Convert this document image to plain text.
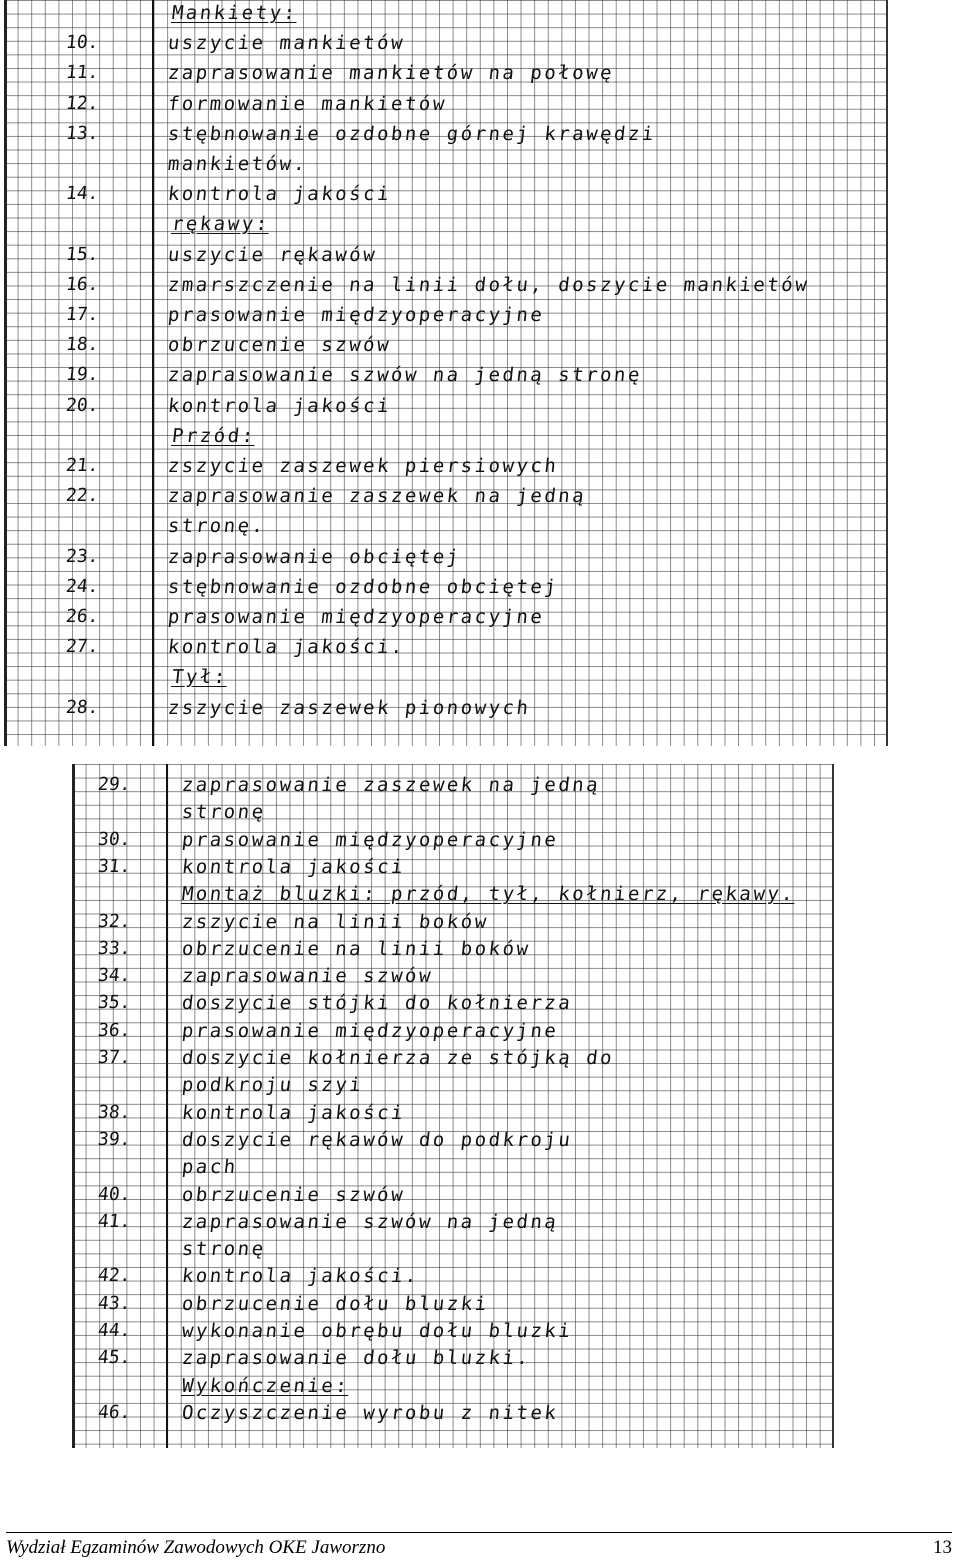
Mankiety:
10.	uszycie mankietów
11.	zaprasowanie mankietów na połowę
12.	formowanie mankietów
13.	stębnowanie ozdobne górnej krawędzi
mankietów.
14.	kontrola jakości
rękawy:
15.	uszycie rękawów
16.	zmarszczenie na linii dołu, doszycie mankietów
17.	prasowanie międzyoperacyjne
18.	obrzucenie szwów
19.	zaprasowanie szwów na jedną stronę
20.	kontrola jakości
Przód:
21.	zszycie zaszewek piersiowych
22.	zaprasowanie zaszewek na jedną
stronę.
23.	zaprasowanie obciętej
24.	stębnowanie ozdobne obciętej
26.	prasowanie międzyoperacyjne
27.	kontrola jakości.
Tył:
28.	zszycie zaszewek pionowych
29.	zaprasowanie zaszewek na jedną
stronę
30.	prasowanie międzyoperacyjne
31.	kontrola jakości
Montaż bluzki: przód, tył, kołnierz, rękawy.
32.	zszycie na linii boków
33.	obrzucenie na linii boków
34.	zaprasowanie szwów
35.	doszycie stójki do kołnierza
36.	prasowanie międzyoperacyjne
37.	doszycie kołnierza ze stójką do
podkroju szyi
38.	kontrola jakości
39.	doszycie rękawów do podkroju
pach
40.	obrzucenie szwów
41.	zaprasowanie szwów na jedną
stronę
42.	kontrola jakości.
43.	obrzucenie dołu bluzki
44.	wykonanie obrębu dołu bluzki
45.	zaprasowanie dołu bluzki.
Wykończenie:
46.	Oczyszczenie wyrobu z nitek
Wydział Egzaminów Zawodowych OKE Jaworzno	13
